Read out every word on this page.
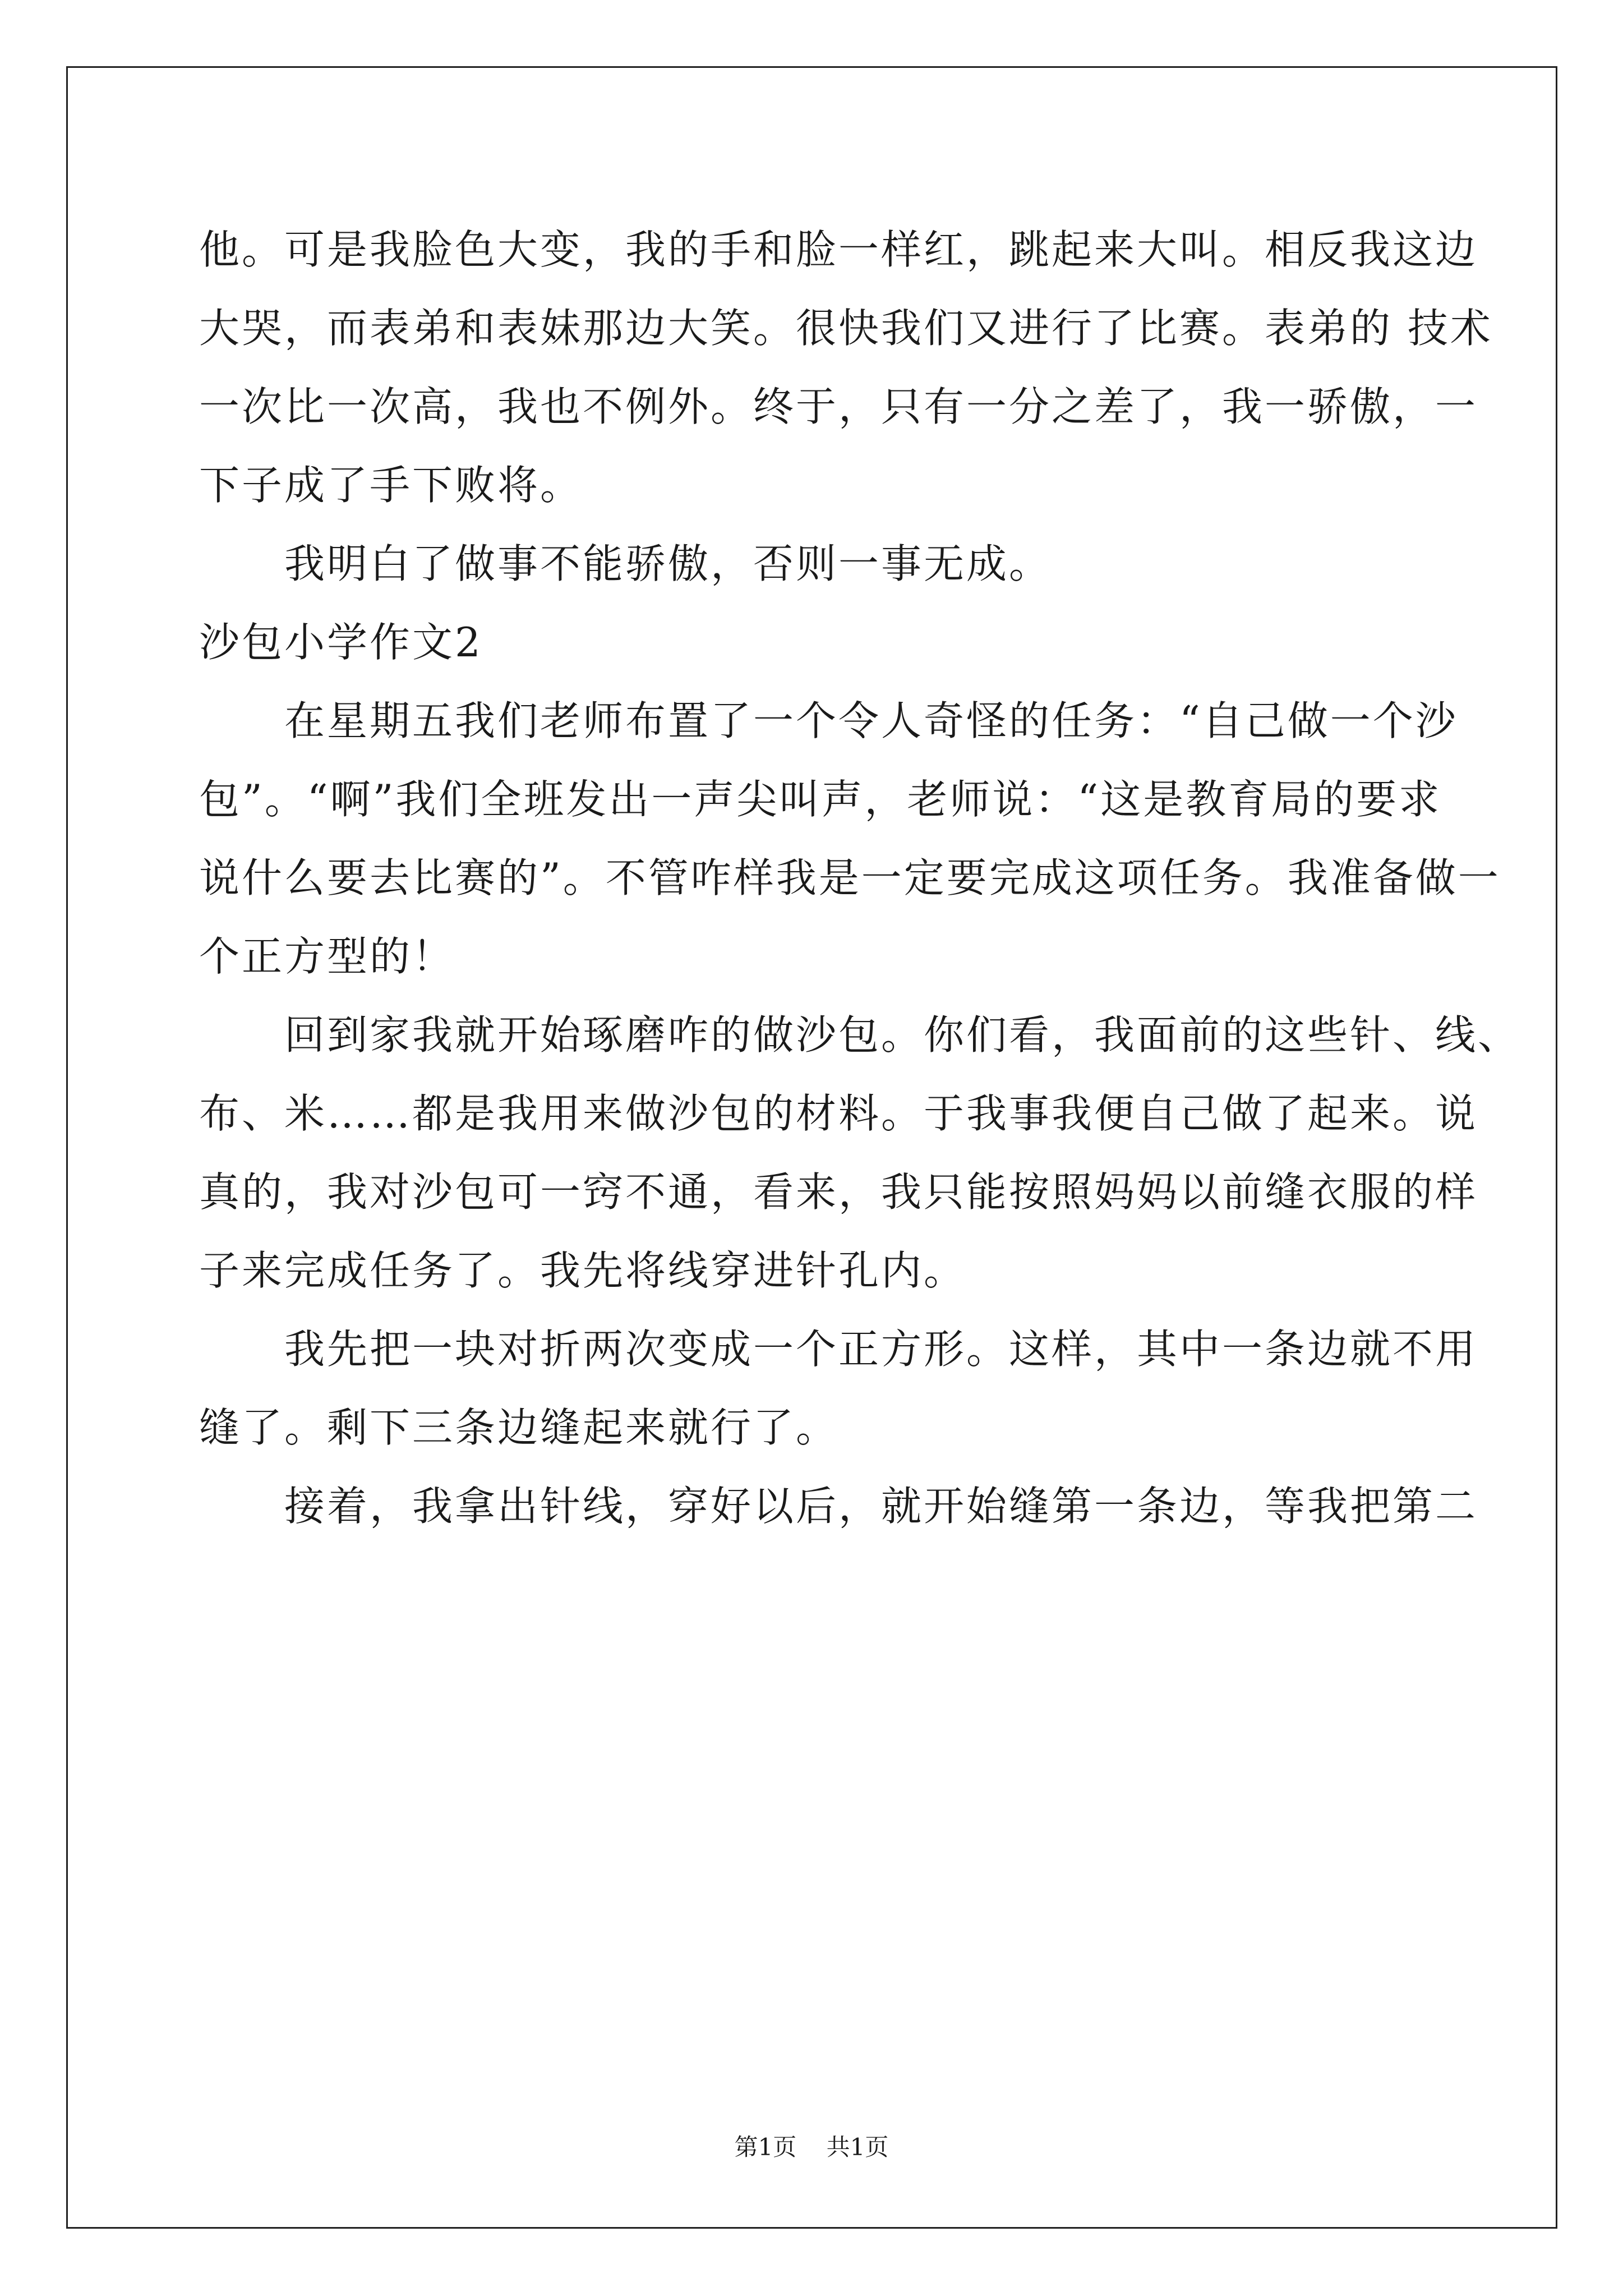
他。可是我脸色大变，我的手和脸一样红，跳起来大叫。相反我这边
大哭，而表弟和表妹那边大笑。很快我们又进行了比赛。表弟的 技术
一次比一次高，我也不例外。终于，只有一分之差了，我一骄傲，一
下子成了手下败将。
我明白了做事不能骄傲，否则一事无成。
沙包小学作文2
在星期五我们老师布置了一个令人奇怪的任务：“自己做一个沙
包”。“啊”我们全班发出一声尖叫声，老师说：“这是教育局的要求
说什么要去比赛的”。不管咋样我是一定要完成这项任务。我准备做一
个正方型的！
回到家我就开始琢磨咋的做沙包。你们看，我面前的这些针、线、
布、米……都是我用来做沙包的材料。于我事我便自己做了起来。说
真的，我对沙包可一窍不通，看来，我只能按照妈妈以前缝衣服的样
子来完成任务了。我先将线穿进针孔内。
我先把一块对折两次变成一个正方形。这样，其中一条边就不用
缝了。剩下三条边缝起来就行了。
接着，我拿出针线，穿好以后，就开始缝第一条边，等我把第二
第1页 共1页
